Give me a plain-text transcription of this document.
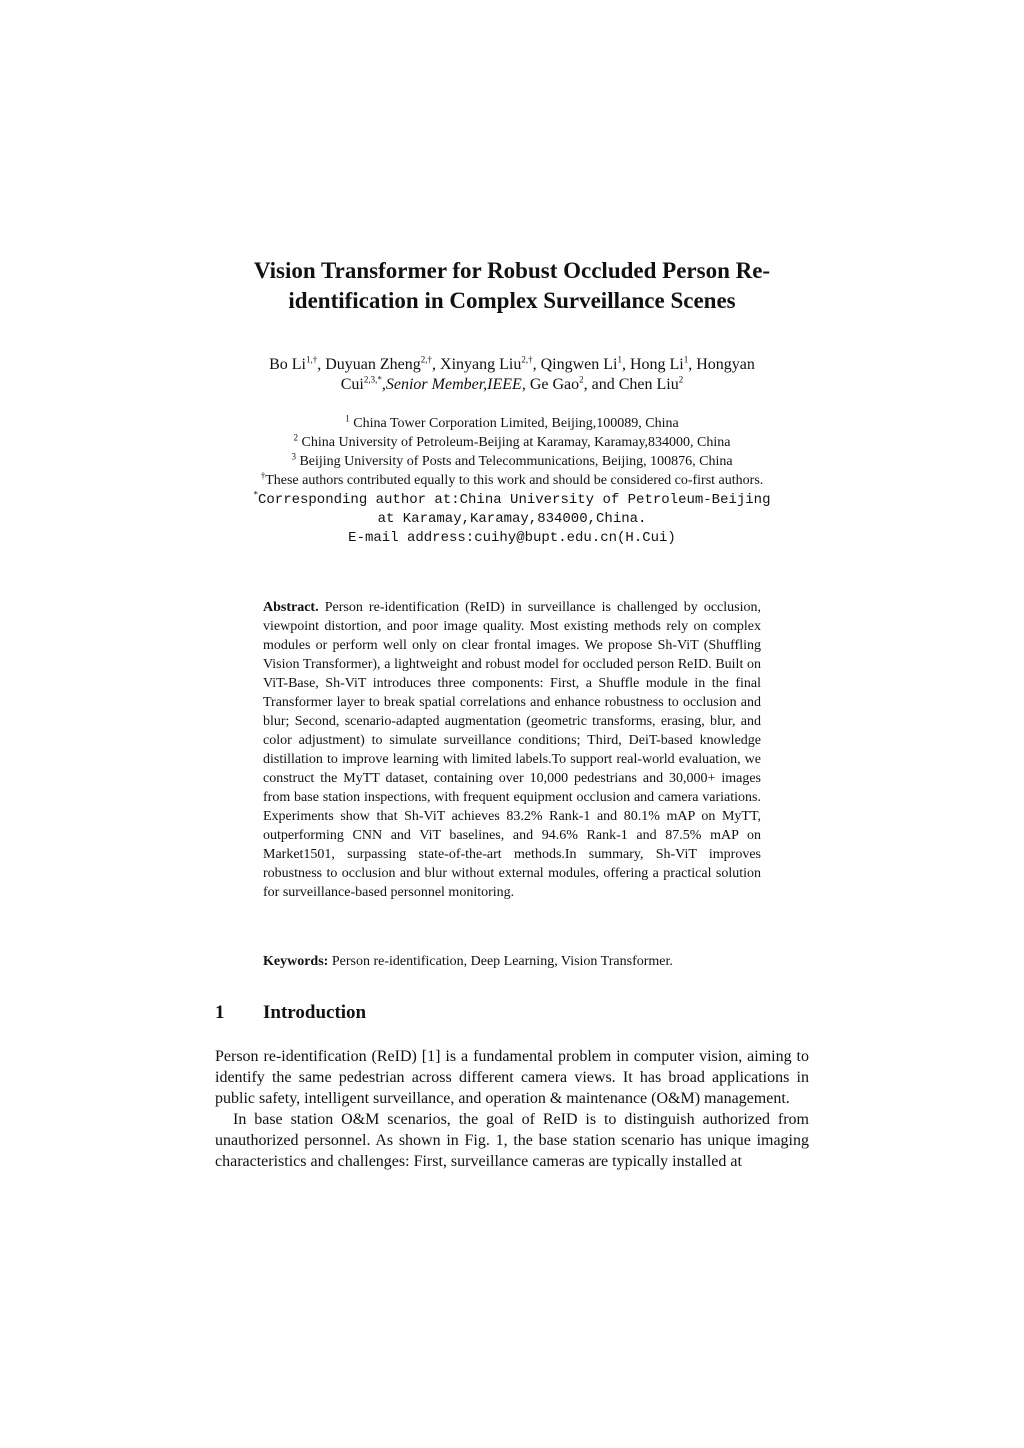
Vision Transformer for Robust Occluded Person Re-
identification in Complex Surveillance Scenes
Bo $Li^{1,\dagger}$, Duyuan Zheng$^{2,\dagger}$, Xinyang Liu$^{2,\dagger}$, Qingwen Li$^1$, Hong Li$^1$, Hongyan
Cui$^{2,3,*}$,Senior Member,IEEE, Ge Gao$^2$, and Chen Liu$^2$
$^1$ China Tower Corporation Limited, Beijing,100089, China
$^2$ China University of Petroleum-Beijing at Karamay, Karamay,834000, China
$^3$ Beijing University of Posts and Telecommunications, Beijing, 100876, China
†These authors contributed equally to this work and should be considered co-first authors.
*Corresponding author at:China University of Petroleum-Beijing
at Karamay,Karamay,834000,China.
E-mail address:cuihy@bupt.edu.cn(H.Cui)
Abstract. Person re-identification (ReID) in surveillance is challenged by occlusion, viewpoint distortion, and poor image quality. Most existing methods rely on complex modules or perform well only on clear frontal images. We propose Sh-ViT (Shuffling Vision Transformer), a lightweight and robust model for occluded person ReID. Built on ViT-Base, Sh-ViT introduces three components: First, a Shuffle module in the final Transformer layer to break spatial correlations and enhance robustness to occlusion and blur; Second, scenario-adapted augmentation (geometric transforms, erasing, blur, and color adjustment) to simulate surveillance conditions; Third, DeiT-based knowledge distillation to improve learning with limited labels.To support real-world evaluation, we construct the MyTT dataset, containing over 10,000 pedestrians and 30,000+ images from base station inspections, with frequent equipment occlusion and camera variations. Experiments show that Sh-ViT achieves 83.2% Rank-1 and 80.1% mAP on MyTT, outperforming CNN and ViT baselines, and 94.6% Rank-1 and 87.5% mAP on Market1501, surpassing state-of-the-art methods.In summary, Sh-ViT improves robustness to occlusion and blur without external modules, offering a practical solution for surveillance-based personnel monitoring.
Keywords: Person re-identification, Deep Learning, Vision Transformer.
1 Introduction

Person re-identification (ReID) [1] is a fundamental problem in computer vision, aiming to identify the same pedestrian across different camera views. It has broad applications in public safety, intelligent surveillance, and operation & maintenance (O&M) management.

In base station O&M scenarios, the goal of ReID is to distinguish authorized from unauthorized personnel. As shown in Fig. 1, the base station scenario has unique imaging characteristics and challenges: First, surveillance cameras are typically installed at
